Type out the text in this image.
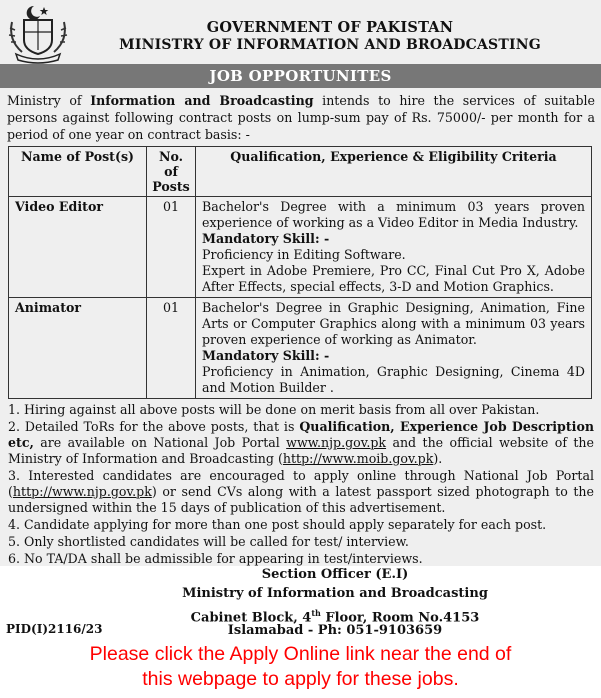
GOVERNMENT OF PAKISTAN
MINISTRY OF INFORMATION AND BROADCASTING
JOB OPPORTUNITES
Ministry of Information and Broadcasting intends to hire the services of suitable persons against following contract posts on lump-sum pay of Rs. 75000/- per month for a period of one year on contract basis: -
Name of Post(s)	No. of Posts	Qualification, Experience & Eligibility Criteria
Video Editor	01	Bachelor's Degree with a minimum 03 years proven experience of working as a Video Editor in Media Industry.
Mandatory Skill: -
Proficiency in Editing Software.
Expert in Adobe Premiere, Pro CC, Final Cut Pro X, Adobe After Effects, special effects, 3-D and Motion Graphics.

Animator	01	Bachelor's Degree in Graphic Designing, Animation, Fine Arts or Computer Graphics along with a minimum 03 years proven experience of working as Animator.
Mandatory Skill: -
Proficiency in Animation, Graphic Designing, Cinema 4D and Motion Builder .
1. Hiring against all above posts will be done on merit basis from all over Pakistan.
2. Detailed ToRs for the above posts, that is Qualification, Experience Job Description etc, are available on National Job Portal www.njp.gov.pk and the official website of the Ministry of Information and Broadcasting (http://www.moib.gov.pk).
3. Interested candidates are encouraged to apply online through National Job Portal (http://www.njp.gov.pk) or send CVs along with a latest passport sized photograph to the undersigned within the 15 days of publication of this advertisement.
4. Candidate applying for more than one post should apply separately for each post.
5. Only shortlisted candidates will be called for test/ interview.
6. No TA/DA shall be admissible for appearing in test/interviews.
Section Officer (E.I)
Ministry of Information and Broadcasting
Cabinet Block, 4th Floor, Room No.4153
Islamabad - Ph: 051-9103659
PID(I)2116/23
Please click the Apply Online link near the end of
this webpage to apply for these jobs.
